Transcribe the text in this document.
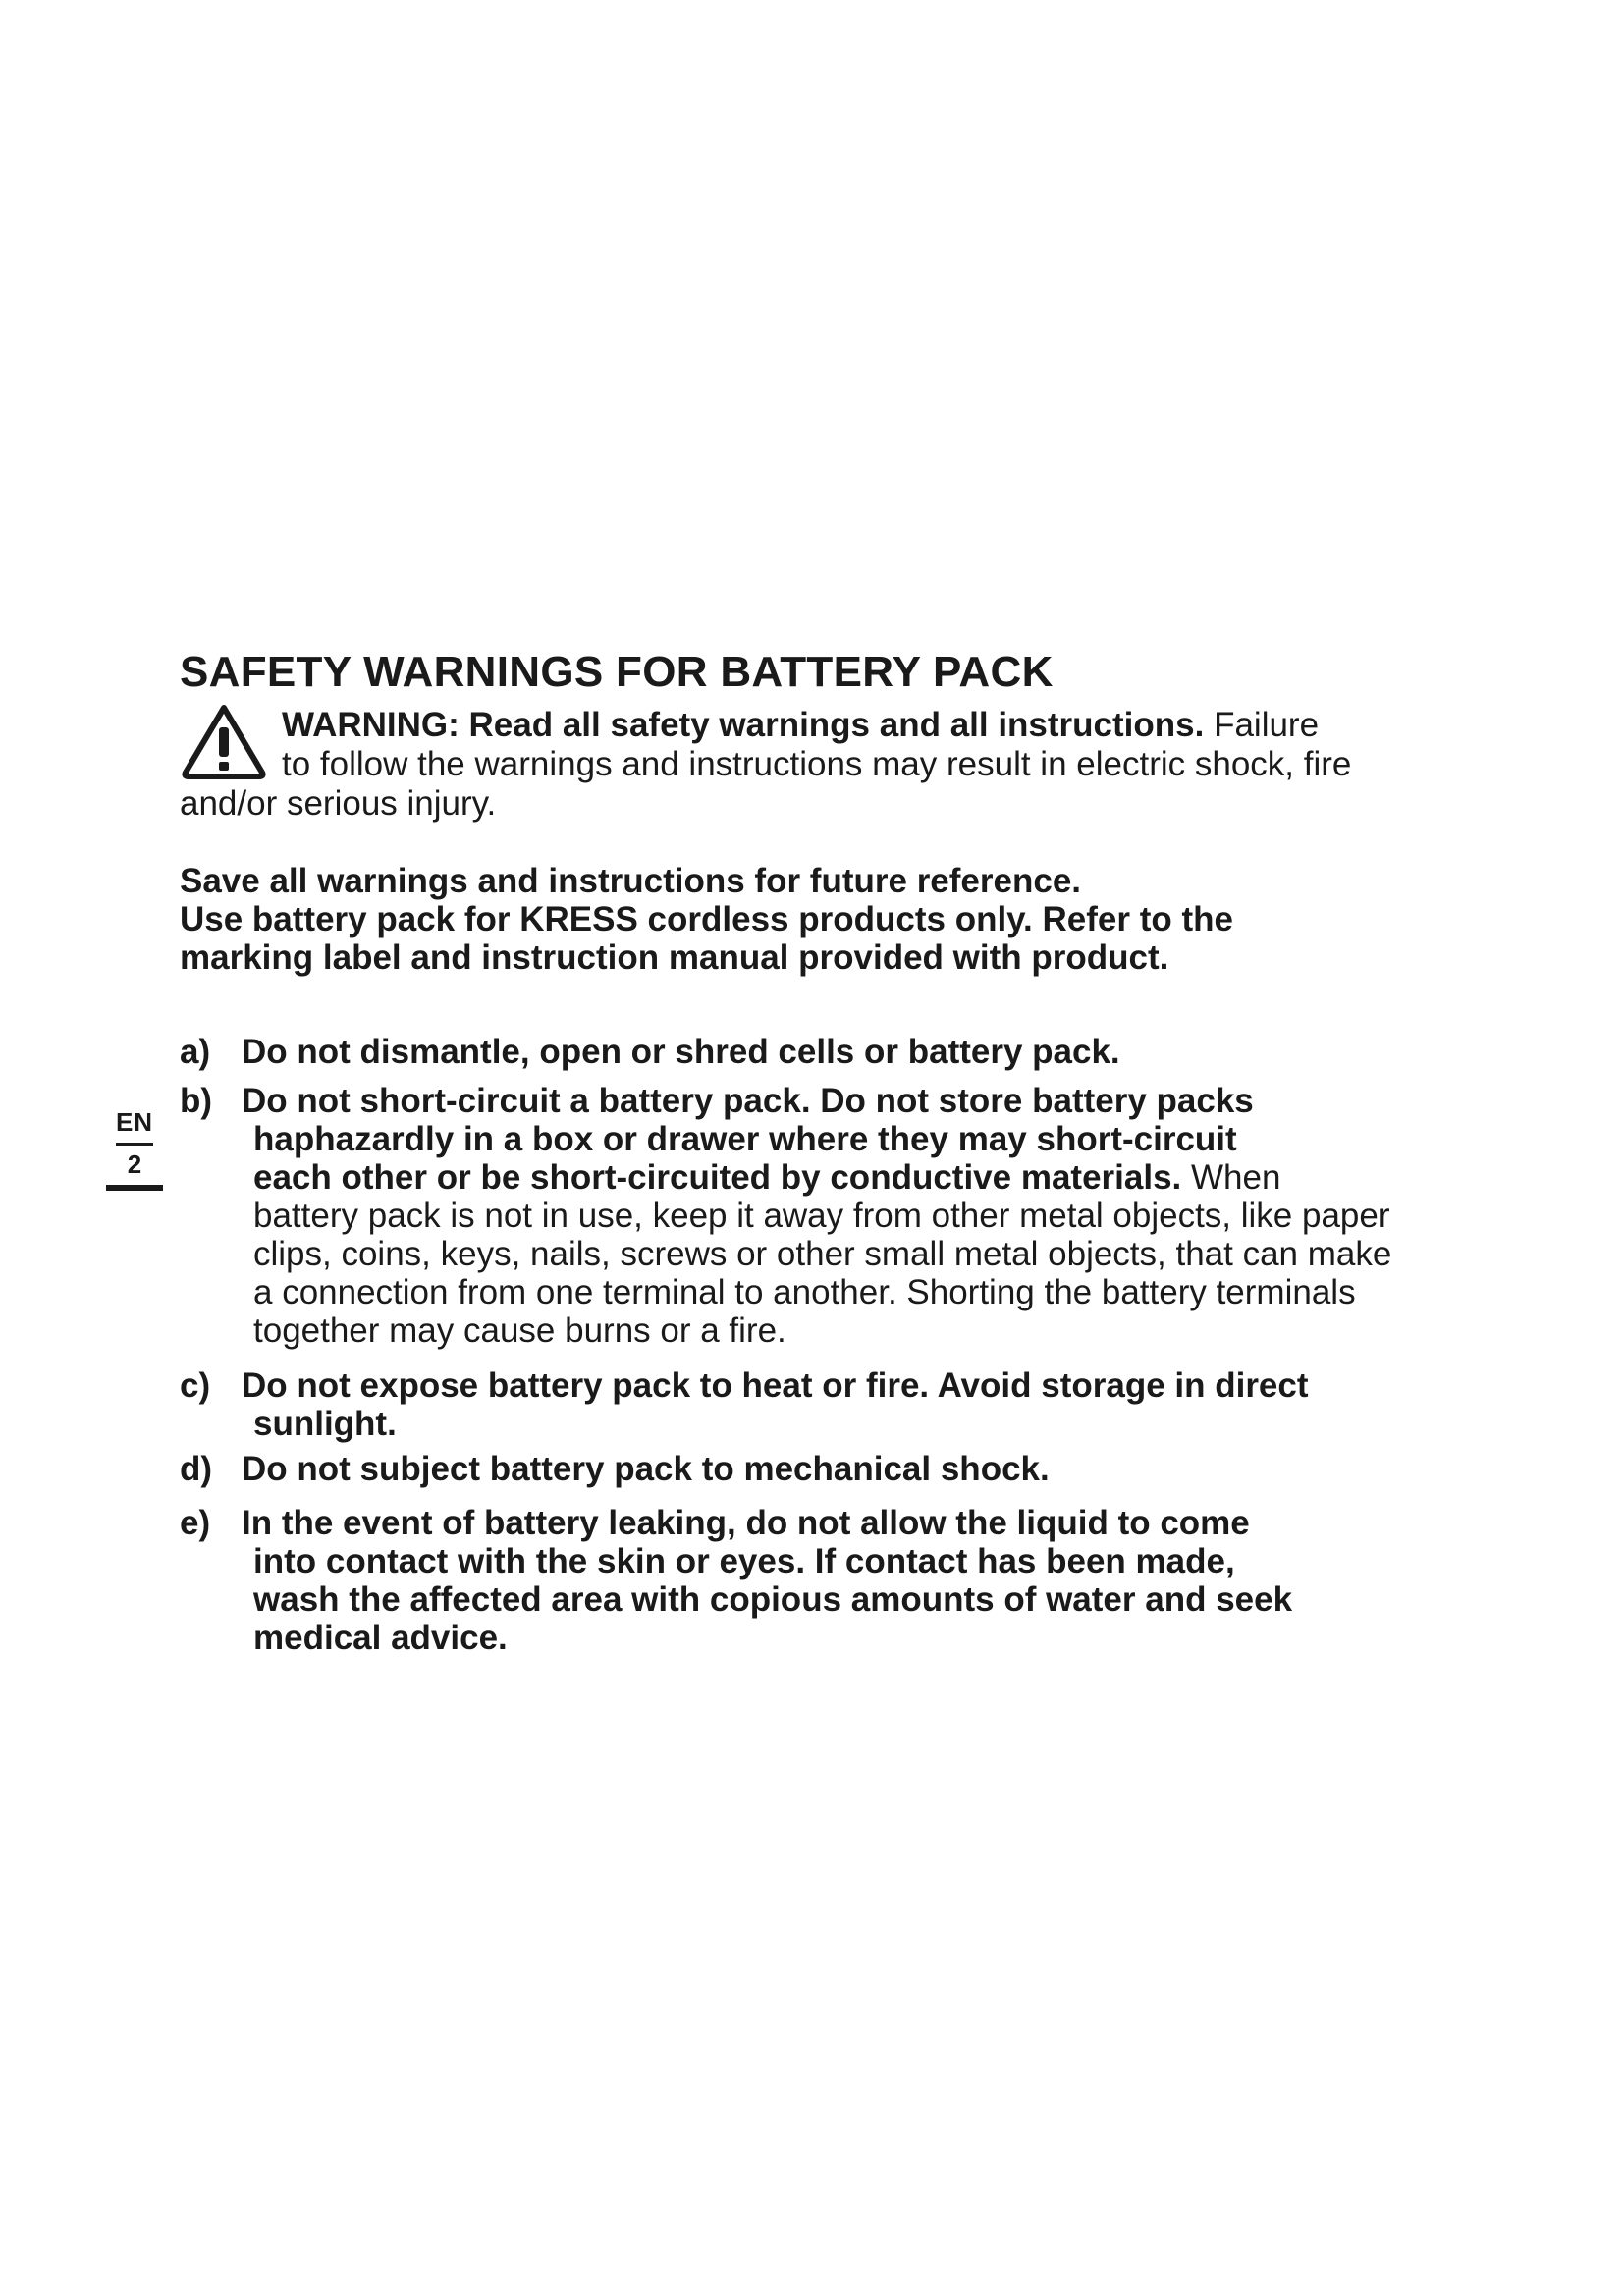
SAFETY WARNINGS FOR BATTERY PACK
WARNING: Read all safety warnings and all instructions. Failure
to follow the warnings and instructions may result in electric shock, fire
and/or serious injury.
Save all warnings and instructions for future reference.
Use battery pack for KRESS cordless products only. Refer to the
marking label and instruction manual provided with product.
a) Do not dismantle, open or shred cells or battery pack.
b) Do not short-circuit a battery pack. Do not store battery packs
haphazardly in a box or drawer where they may short-circuit
each other or be short-circuited by conductive materials. When
battery pack is not in use, keep it away from other metal objects, like paper
clips, coins, keys, nails, screws or other small metal objects, that can make
a connection from one terminal to another. Shorting the battery terminals
together may cause burns or a fire.
c) Do not expose battery pack to heat or fire. Avoid storage in direct
sunlight.
d) Do not subject battery pack to mechanical shock.
e) In the event of battery leaking, do not allow the liquid to come
into contact with the skin or eyes. If contact has been made,
wash the affected area with copious amounts of water and seek
medical advice.
EN
2
